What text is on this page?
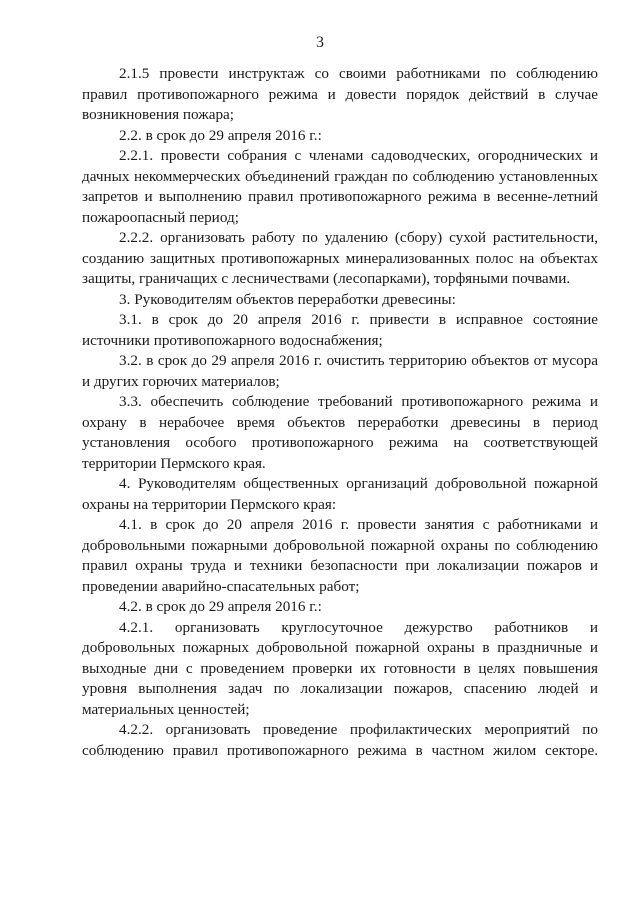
3

2.1.5 провести инструктаж со своими работниками по соблюдению правил противопожарного режима и довести порядок действий в случае возникновения пожара;

2.2. в срок до 29 апреля 2016 г.:

2.2.1. провести собрания с членами садоводческих, огороднических и дачных некоммерческих объединений граждан по соблюдению установленных запретов и выполнению правил противопожарного режима в весенне-летний пожароопасный период;

2.2.2. организовать работу по удалению (сбору) сухой растительности, созданию защитных противопожарных минерализованных полос на объектах защиты, граничащих с лесничествами (лесопарками), торфяными почвами.

3. Руководителям объектов переработки древесины:

3.1. в срок до 20 апреля 2016 г. привести в исправное состояние источники противопожарного водоснабжения;

3.2. в срок до 29 апреля 2016 г. очистить территорию объектов от мусора и других горючих материалов;

3.3. обеспечить соблюдение требований противопожарного режима и охрану в нерабочее время объектов переработки древесины в период установления особого противопожарного режима на соответствующей территории Пермского края.

4. Руководителям общественных организаций добровольной пожарной охраны на территории Пермского края:

4.1. в срок до 20 апреля 2016 г. провести занятия с работниками и добровольными пожарными добровольной пожарной охраны по соблюдению правил охраны труда и техники безопасности при локализации пожаров и проведении аварийно-спасательных работ;

4.2. в срок до 29 апреля 2016 г.:

4.2.1. организовать круглосуточное дежурство работников и добровольных пожарных добровольной пожарной охраны в праздничные и выходные дни с проведением проверки их готовности в целях повышения уровня выполнения задач по локализации пожаров, спасению людей и материальных ценностей;

4.2.2. организовать проведение профилактических мероприятий по соблюдению правил противопожарного режима в частном жилом секторе.
